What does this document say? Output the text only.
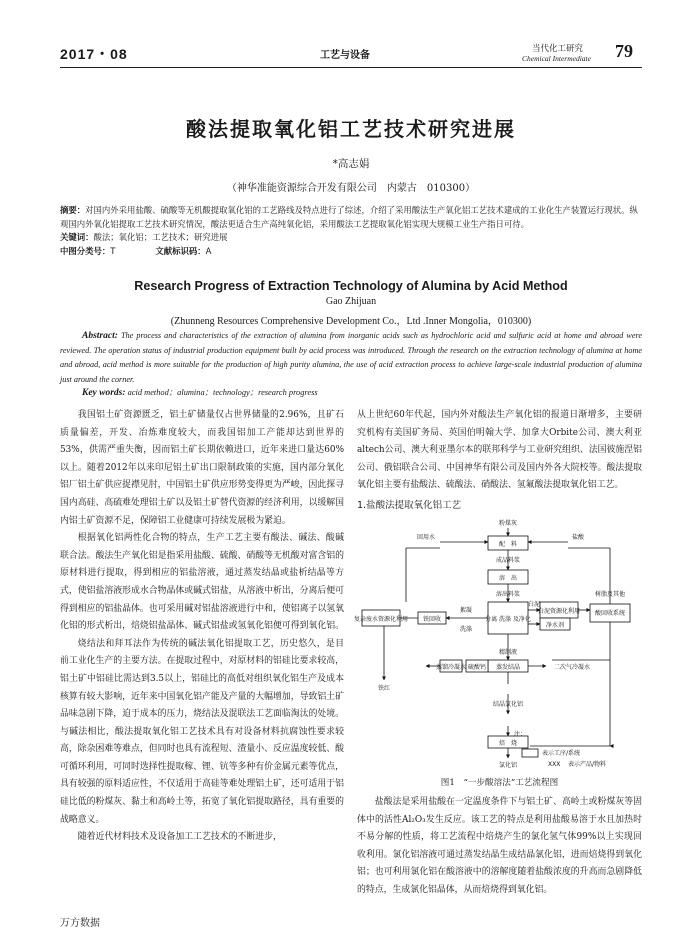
2017・08	工艺与设备
当代化工研究
Chemical Intermediate 79
酸法提取氧化铝工艺技术研究进展
*高志娟
（神华准能资源综合开发有限公司　内蒙古　010300）
摘要：对国内外采用盐酸、硫酸等无机酸提取氧化铝的工艺路线及特点进行了综述，介绍了采用酸法生产氧化铝工艺技术建成的工业化生产装置运行现状。纵观国内外氧化铝提取工艺技术研究情况，酸法更适合生产高纯氧化铝，采用酸法工艺提取氧化铝实现大规模工业生产指日可待。
关键词：酸法；氧化铝；工艺技术；研究进展
中图分类号：T	文献标识码：A
Research Progress of Extraction Technology of Alumina by Acid Method
Gao Zhijuan
(Zhunneng Resources Comprehensive Development Co.，Ltd .Inner Mongolia，010300)
Abstract: The process and characteristics of the extraction of alumina from inorganic acids such as hydrochloric acid and sulfuric acid at home and abroad were reviewed. The operation status of industrial production equipment built by acid process was introduced. Through the research on the extraction technology of alumina at home and abroad, acid method is more suitable for the production of high purity alumina, the use of acid extraction process to achieve large-scale industrial production of alumina just around the corner.
Key words: acid method；alumina；technology；research progress

我国铝土矿资源匮乏，铝土矿储量仅占世界储量的2.96%，且矿石质量偏差，开发、冶炼难度较大，而我国铝加工产能却达到世界的53%，供需严重失衡，因而铝土矿长期依赖进口，近年来进口量达60%以上。随着2012年以来印尼铝土矿出口限制政策的实施，国内部分氧化铝厂铝土矿供应捉襟见肘，中国铝土矿供应形势变得更为严峻，因此探寻国内高硅、高硫难处理铝土矿以及铝土矿替代资源的经济利用，以缓解国内铝土矿资源不足，保障铝工业健康可持续发展极为紧迫。

根据氧化铝两性化合物的特点，生产工艺主要有酸法、碱法、酸碱联合法。酸法生产氧化铝是指采用盐酸、硫酸、硝酸等无机酸对富含铝的原材料进行提取，得到相应的铝盐溶液，通过蒸发结晶或盐析结晶等方式，使铝盐溶液形成水合物晶体或碱式铝盐，从溶液中析出，分离后便可得到相应的铝盐晶体。也可采用碱对铝盐溶液进行中和，使铝离子以氢氧化铝的形式析出，焙烧铝盐晶体、碱式铝盐或氢氧化铝便可得到氧化铝。

烧结法和拜耳法作为传统的碱法氧化铝提取工艺，历史悠久，是目前工业化生产的主要方法。在提取过程中，对原材料的铝硅比要求较高，铝土矿中铝硅比需达到3.5以上，铝硅比的高低对组织氧化铝生产及成本核算有较大影响，近年来中国氧化铝产能及产量的大幅增加，导致铝土矿品味急剧下降，迫于成本的压力，烧结法及混联法工艺面临淘汰的处境。与碱法相比，酸法提取氧化铝工艺技术具有对设备材料抗腐蚀性要求较高，除杂困难等难点，但同时也具有流程短、渣量小、反应温度较低、酸可循环利用，可同时选择性提取稼、锂、钪等多种有价金属元素等优点，具有较强的原料适应性，不仅适用于高硅等难处理铝土矿，还可适用于铝硅比低的粉煤灰、黏土和高岭土等，拓宽了氧化铝提取路径，具有重要的战略意义。

随着近代材料技术及设备加工工艺技术的不断进步，

从上世纪60年代起，国内外对酸法生产氧化铝的报道日渐增多，主要研究机构有美国矿务局、英国伯明翰大学、加拿大Orbite公司、澳大利亚altech公司、澳大利亚墨尔本的联邦科学与工业研究组织、法国彼施涅铝公司、俄铝联合公司、中国神华有限公司及国内外各大院校等。酸法提取氧化铝主要有盐酸法、硫酸法、硝酸法、氢氟酸法提取氧化铝工艺。

1.盐酸法提取氧化铝工艺
粉煤灰
回用水	盐酸
配　料
成品料浆
溶　出
溶出料浆
絮凝
洗涤
分离 洗涤 及净化
复杂废水资源化利用 铁回收
铁红
白泥
白泥资源化利用
净水剂
树脂及其他
酸回收系统
精制液
蒸发结晶
硫酸钙
蒸馏冷凝水	二次气冷凝水
结晶氯化铝
焙　烧
氯化铝
注：
表示工序/系统
XXX 表示产品/物料
图1　“一步酸溶法”工艺流程图

盐酸法是采用盐酸在一定温度条件下与铝土矿、高岭土或粉煤灰等固体中的活性Al₂O₃发生反应。该工艺的特点是利用盐酸易溶于水且加热时不易分解的性质，将工艺流程中焙烧产生的氯化氢气体99%以上实现回收利用。氯化铝溶液可通过蒸发结晶生成结晶氯化铝，进而焙烧得到氧化铝；也可利用氯化铝在酸溶液中的溶解度随着盐酸浓度的升高而急剧降低的特点，生成氯化铝晶体，从而焙烧得到氧化铝。

万方数据
